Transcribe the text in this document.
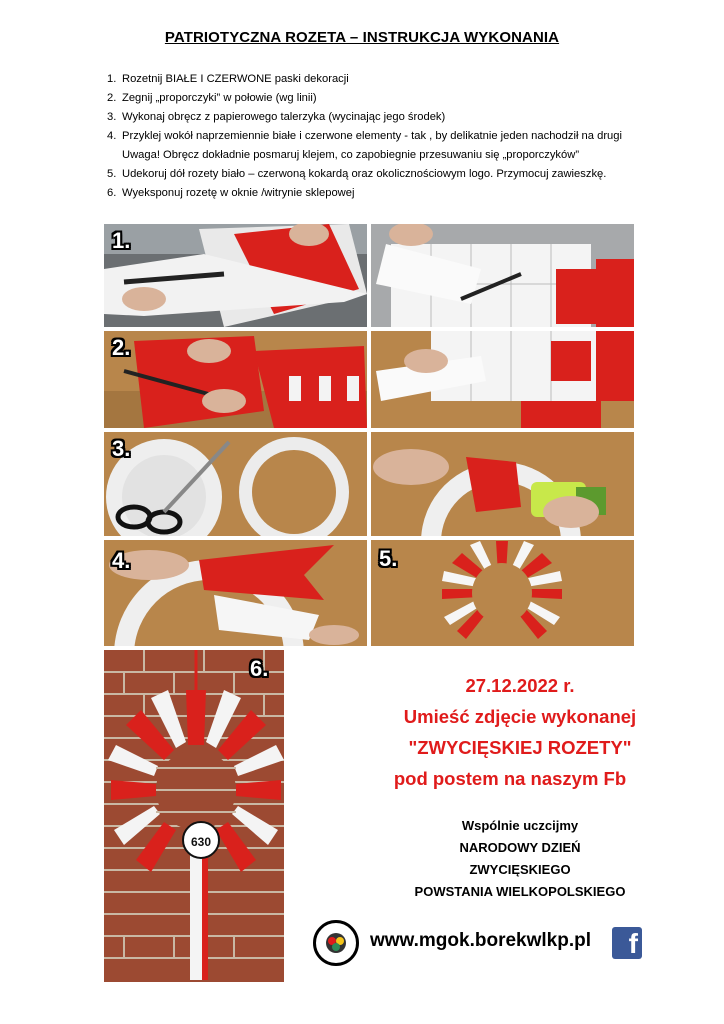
PATRIOTYCZNA ROZETA – INSTRUKCJA WYKONANIA
1. Rozetnij BIAŁE I CZERWONE paski dekoracji
2. Zegnij „proporczyki” w połowie (wg linii)
3. Wykonaj obręcz z papierowego talerzyka (wycinając jego środek)
4. Przyklej wokół naprzemiennie białe i czerwone elementy - tak , by delikatnie jeden nachodził na drugi
Uwaga! Obręcz dokładnie posmaruj klejem, co zapobiegnie przesuwaniu się „proporczyków”
5. Udekoruj dół rozety biało – czerwoną kokardą oraz okolicznościowym logo. Przymocuj zawieszkę.
6. Wyeksponuj rozetę w oknie /witrynie sklepowej
1.
2.
3.
4.	5.
630
6.
27.12.2022 r.
Umieść zdjęcie wykonanej
"ZWYCIĘSKIEJ ROZETY"
pod postem na naszym Fb
Wspólnie uczcijmy
NARODOWY DZIEŃ
ZWYCIĘSKIEGO
POWSTANIA WIELKOPOLSKIEGO
www.mgok.borekwlkp.pl	f
